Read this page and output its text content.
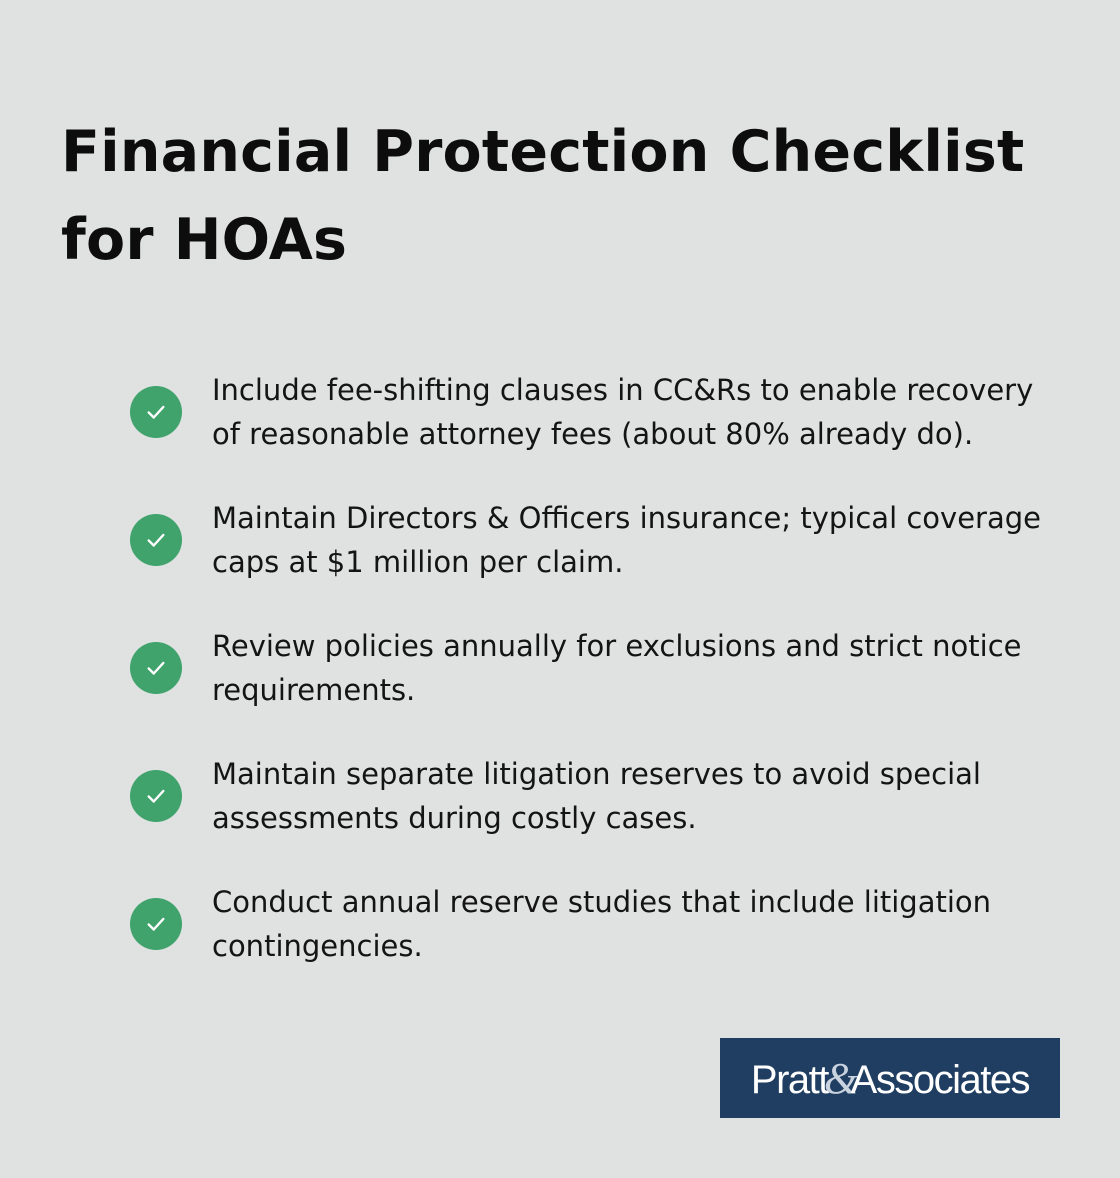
Financial Protection Checklist for HOAs
Include fee-shifting clauses in CC&Rs to enable recovery of reasonable attorney fees (about 80% already do).
Maintain Directors & Officers insurance; typical coverage caps at $1 million per claim.
Review policies annually for exclusions and strict notice requirements.
Maintain separate litigation reserves to avoid special assessments during costly cases.
Conduct annual reserve studies that include litigation contingencies.
Pratt&Associates
